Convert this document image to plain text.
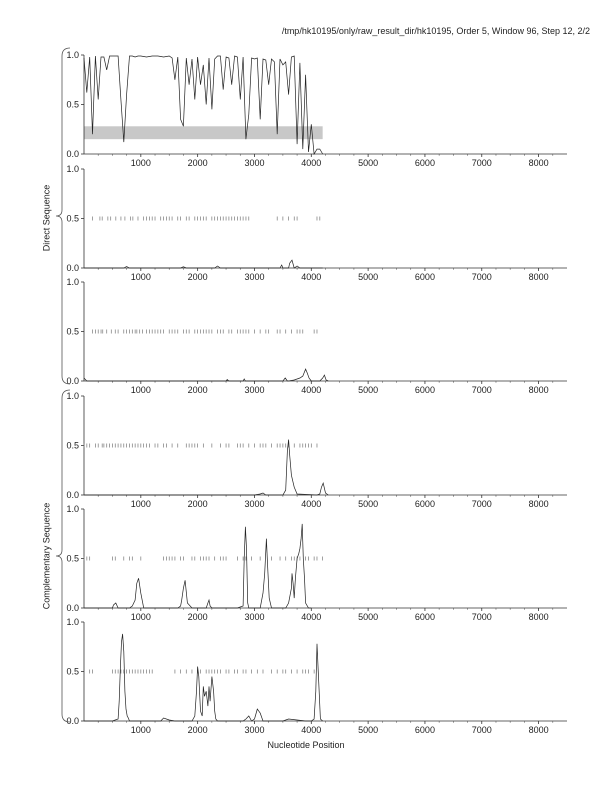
/tmp/hk10195/only/raw_result_dir/hk10195, Order 5, Window 96, Step 12, 2/2
0.0
0.5
1.0
1000	2000	3000	4000	5000	6000	7000	8000
0.0
0.5
1.0
1000	2000	3000	4000	5000	6000	7000	8000
0.0
0.5
1.0
1000	2000	3000	4000	5000	6000	7000	8000
0.0
0.5
1.0
1000	2000	3000	4000	5000	6000	7000	8000
0.0
0.5
1.0
1000	2000	3000	4000	5000	6000	7000	8000
0.0
0.5
1.0
1000	2000	3000	4000	5000	6000	7000	8000
Direct Sequence
Complementary Sequence
Nucleotide Position
